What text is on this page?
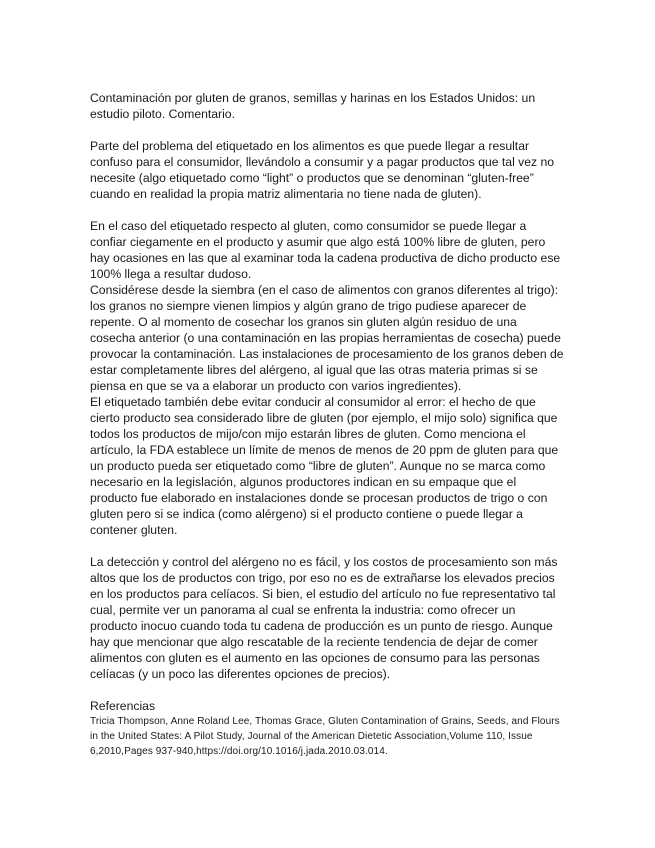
Contaminación por gluten de granos, semillas y harinas en los Estados Unidos: un estudio piloto. Comentario.

Parte del problema del etiquetado en los alimentos es que puede llegar a resultar confuso para el consumidor, llevándolo a consumir y a pagar productos que tal vez no necesite (algo etiquetado como “light” o productos que se denominan “gluten-free” cuando en realidad la propia matriz alimentaria no tiene nada de gluten).

En el caso del etiquetado respecto al gluten, como consumidor se puede llegar a confiar ciegamente en el producto y asumir que algo está 100% libre de gluten, pero hay ocasiones en las que al examinar toda la cadena productiva de dicho producto ese 100% llega a resultar dudoso.

Considérese desde la siembra (en el caso de alimentos con granos diferentes al trigo): los granos no siempre vienen limpios y algún grano de trigo pudiese aparecer de repente. O al momento de cosechar los granos sin gluten algún residuo de una cosecha anterior (o una contaminación en las propias herramientas de cosecha) puede provocar la contaminación. Las instalaciones de procesamiento de los granos deben de estar completamente libres del alérgeno, al igual que las otras materia primas si se piensa en que se va a elaborar un producto con varios ingredientes).

El etiquetado también debe evitar conducir al consumidor al error: el hecho de que cierto producto sea considerado libre de gluten (por ejemplo, el mijo solo) significa que todos los productos de mijo/con mijo estarán libres de gluten. Como menciona el artículo, la FDA establece un límite de menos de menos de 20 ppm de gluten para que un producto pueda ser etiquetado como “libre de gluten”. Aunque no se marca como necesario en la legislación, algunos productores indican en su empaque que el producto fue elaborado en instalaciones donde se procesan productos de trigo o con gluten pero si se indica (como alérgeno) si el producto contiene o puede llegar a contener gluten.

La detección y control del alérgeno no es fácil, y los costos de procesamiento son más altos que los de productos con trigo, por eso no es de extrañarse los elevados precios en los productos para celíacos. Si bien, el estudio del artículo no fue representativo tal cual, permite ver un panorama al cual se enfrenta la industria: como ofrecer un producto inocuo cuando toda tu cadena de producción es un punto de riesgo. Aunque hay que mencionar que algo rescatable de la reciente tendencia de dejar de comer alimentos con gluten es el aumento en las opciones de consumo para las personas celíacas (y un poco las diferentes opciones de precios).

Referencias

Tricia Thompson, Anne Roland Lee, Thomas Grace, Gluten Contamination of Grains, Seeds, and Flours in the United States: A Pilot Study, Journal of the American Dietetic Association,Volume 110, Issue 6,2010,Pages 937-940,https://doi.org/10.1016/j.jada.2010.03.014.
